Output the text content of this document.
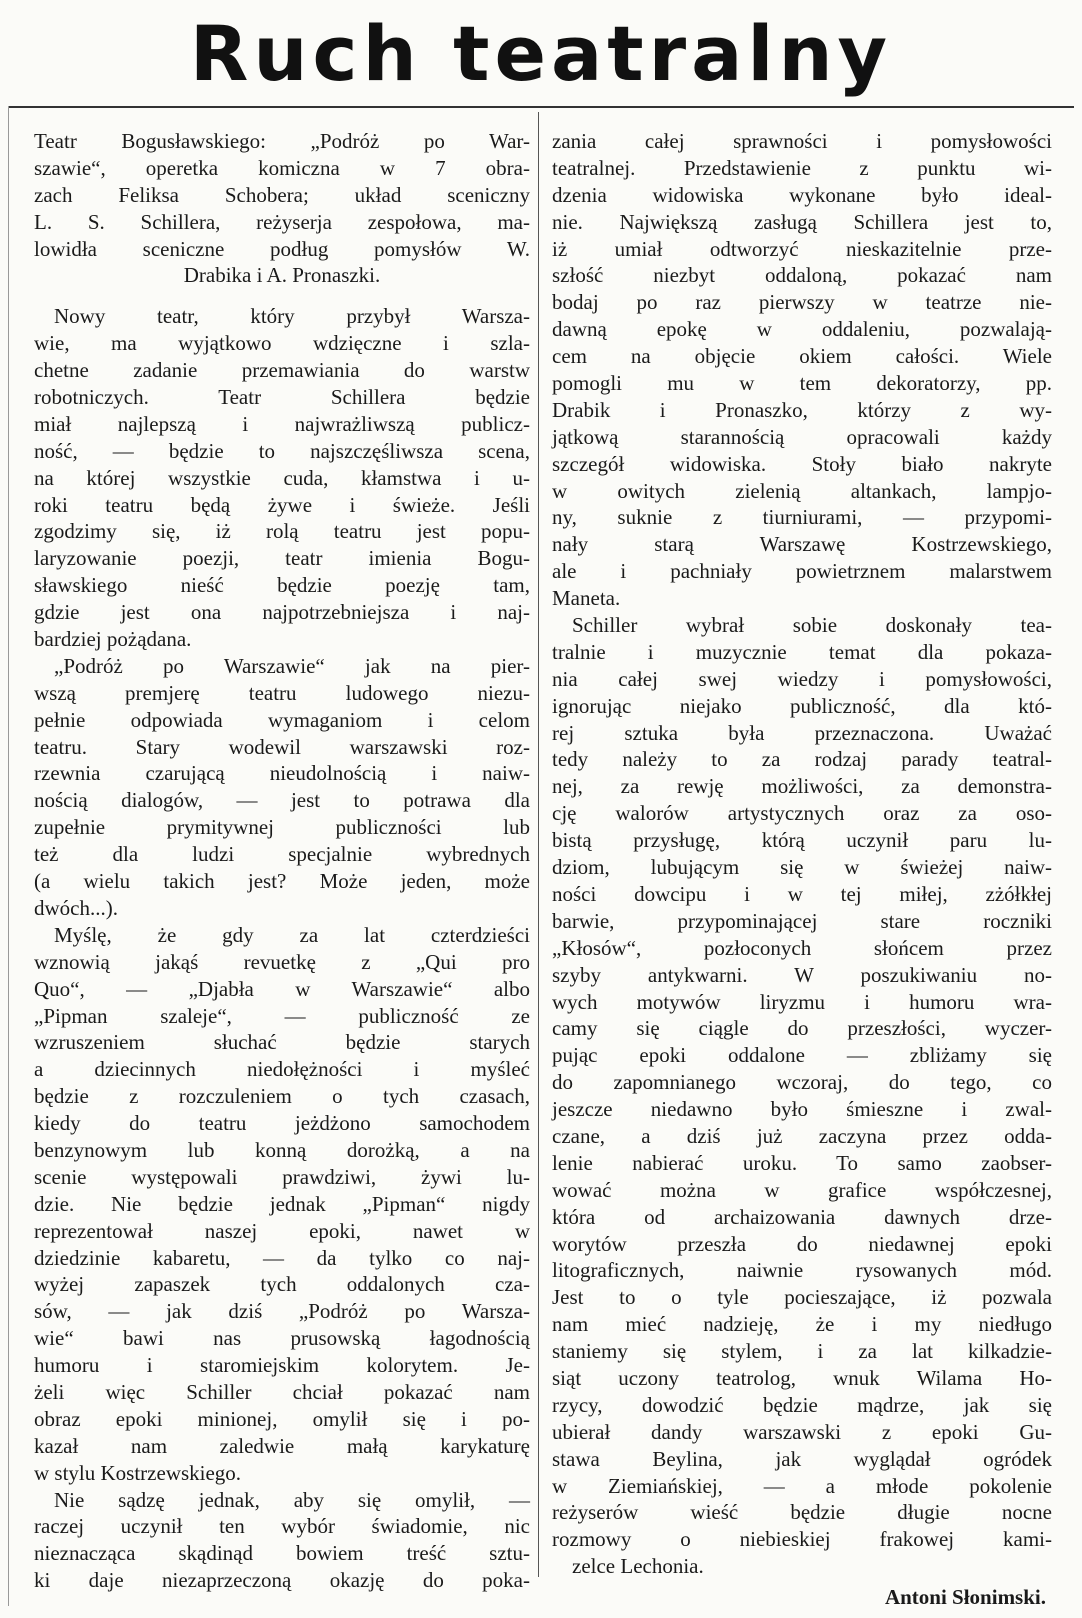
Ruch teatralny
Teatr Bogusławskiego: „Podróż po War-
szawie“, operetka komiczna w 7 obra-
zach Feliksa Schobera; układ sceniczny
L. S. Schillera, reżyserja zespołowa, ma-
lowidła sceniczne podług pomysłów W.
Drabika i A. Pronaszki.
Nowy teatr, który przybył Warsza-
wie, ma wyjątkowo wdzięczne i szla-
chetne zadanie przemawiania do warstw
robotniczych. Teatr Schillera będzie
miał najlepszą i najwrażliwszą publicz-
ność, — będzie to najszczęśliwsza scena,
na której wszystkie cuda, kłamstwa i u-
roki teatru będą żywe i świeże. Jeśli
zgodzimy się, iż rolą teatru jest popu-
laryzowanie poezji, teatr imienia Bogu-
sławskiego nieść będzie poezję tam,
gdzie jest ona najpotrzebniejsza i naj-
bardziej pożądana.
„Podróż po Warszawie“ jak na pier-
wszą premjerę teatru ludowego niezu-
pełnie odpowiada wymaganiom i celom
teatru. Stary wodewil warszawski roz-
rzewnia czarującą nieudolnością i naiw-
nością dialogów, — jest to potrawa dla
zupełnie prymitywnej publiczności lub
też dla ludzi specjalnie wybrednych
(a wielu takich jest? Może jeden, może
dwóch...).
Myślę, że gdy za lat czterdzieści
wznowią jakąś revuetkę z „Qui pro
Quo“, — „Djabła w Warszawie“ albo
„Pipman szaleje“, — publiczność ze
wzruszeniem słuchać będzie starych
a dziecinnych niedołężności i myśleć
będzie z rozczuleniem o tych czasach,
kiedy do teatru jeżdżono samochodem
benzynowym lub konną dorożką, a na
scenie występowali prawdziwi, żywi lu-
dzie. Nie będzie jednak „Pipman“ nigdy
reprezentował naszej epoki, nawet w
dziedzinie kabaretu, — da tylko co naj-
wyżej zapaszek tych oddalonych cza-
sów, — jak dziś „Podróż po Warsza-
wie“ bawi nas prusowską łagodnością
humoru i staromiejskim kolorytem. Je-
żeli więc Schiller chciał pokazać nam
obraz epoki minionej, omylił się i po-
kazał nam zaledwie małą karykaturę
w stylu Kostrzewskiego.
Nie sądzę jednak, aby się omylił, —
raczej uczynił ten wybór świadomie, nic
nieznacząca skądinąd bowiem treść sztu-
ki daje niezaprzeczoną okazję do poka-
zania całej sprawności i pomysłowości
teatralnej. Przedstawienie z punktu wi-
dzenia widowiska wykonane było ideal-
nie. Największą zasługą Schillera jest to,
iż umiał odtworzyć nieskazitelnie prze-
szłość niezbyt oddaloną, pokazać nam
bodaj po raz pierwszy w teatrze nie-
dawną epokę w oddaleniu, pozwalają-
cem na objęcie okiem całości. Wiele
pomogli mu w tem dekoratorzy, pp.
Drabik i Pronaszko, którzy z wy-
jątkową starannością opracowali każdy
szczegół widowiska. Stoły biało nakryte
w owitych zielenią altankach, lampjo-
ny, suknie z tiurniurami, — przypomi-
nały starą Warszawę Kostrzewskiego,
ale i pachniały powietrznem malarstwem
Maneta.
Schiller wybrał sobie doskonały tea-
tralnie i muzycznie temat dla pokaza-
nia całej swej wiedzy i pomysłowości,
ignorując niejako publiczność, dla któ-
rej sztuka była przeznaczona. Uważać
tedy należy to za rodzaj parady teatral-
nej, za rewję możliwości, za demonstra-
cję walorów artystycznych oraz za oso-
bistą przysługę, którą uczynił paru lu-
dziom, lubującym się w świeżej naiw-
ności dowcipu i w tej miłej, zżółkłej
barwie, przypominającej stare roczniki
„Kłosów“, pozłoconych słońcem przez
szyby antykwarni. W poszukiwaniu no-
wych motywów liryzmu i humoru wra-
camy się ciągle do przeszłości, wyczer-
pując epoki oddalone — zbliżamy się
do zapomnianego wczoraj, do tego, co
jeszcze niedawno było śmieszne i zwal-
czane, a dziś już zaczyna przez odda-
lenie nabierać uroku. To samo zaobser-
wować można w grafice współczesnej,
która od archaizowania dawnych drze-
worytów przeszła do niedawnej epoki
litograficznych, naiwnie rysowanych mód.
Jest to o tyle pocieszające, iż pozwala
nam mieć nadzieję, że i my niedługo
staniemy się stylem, i za lat kilkadzie-
siąt uczony teatrolog, wnuk Wilama Ho-
rzycy, dowodzić będzie mądrze, jak się
ubierał dandy warszawski z epoki Gu-
stawa Beylina, jak wyglądał ogródek
w Ziemiańskiej, — a młode pokolenie
reżyserów wieść będzie długie nocne
rozmowy o niebieskiej frakowej kami-
zelce Lechonia.
Antoni Słonimski.
